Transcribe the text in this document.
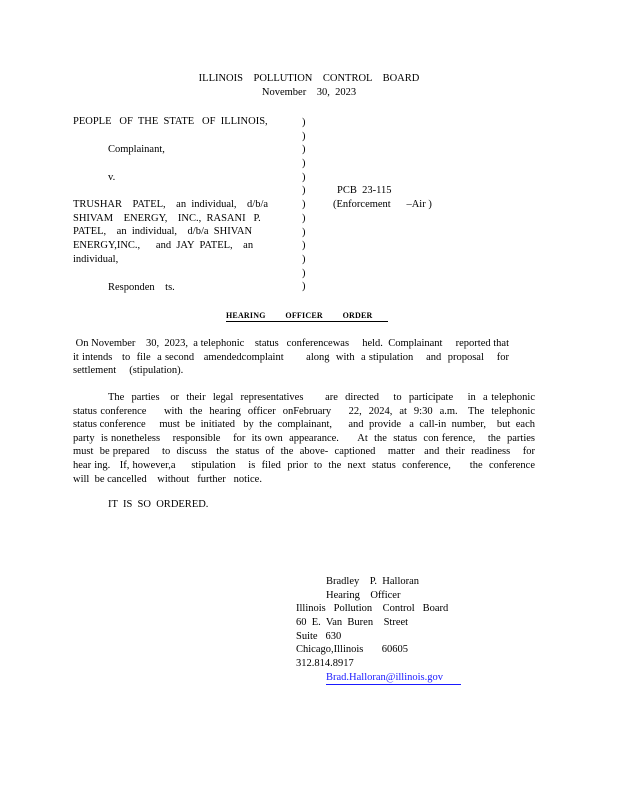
ILLINOIS    POLLUTION    CONTROL    BOARD
November    30,  2023
PEOPLE   OF  THE  STATE   OF  ILLINOIS,
Complainant,
v.
TRUSHAR    PATEL,    an  individual,    d/b/a
SHIVAM    ENERGY,    INC.,  RASANI   P.
PATEL,    an  individual,    d/b/a  SHIVAN
ENERGY,INC.,      and  JAY  PATEL,    an
individual,
Responden    ts.
)
)
)
)
)
)
)
)
)
)
)
)
)
PCB  23-115
(Enforcement      –Air )
HEARING         OFFICER         ORDER

On November    30,  2023,  a telephonic    status   conferencewas     held.  Complainant     reported that  it intends   to  file  a second   amendedcomplaint       along  with  a stipulation    and  proposal    for settlement     (stipulation).

The  parties   or  their  legal  representatives      are  directed    to  participate    in  a telephonic    status conference     with  the  hearing  officer  onFebruary     22,  2024,  at  9:30  a.m.   The  telephonic    status conference     must  be  initiated   by  the  complainant,      and  provide   a  call-in  number,    but  each  party  is nonetheless    responsible    for  its own  appearance.      At  the  status  con ference,    the  parties   must  be prepared    to  discuss   the  status  of  the  above-  captioned    matter   and  their  readiness    for  hear ing.   If, however,a     stipulation    is  filed  prior  to  the  next  status  conference,      the  conference     will  be cancelled    without   further   notice.

IT  IS  SO  ORDERED.
Bradley    P.  Halloran
Hearing    Officer
Illinois   Pollution    Control   Board
60  E.  Van  Buren    Street
Suite   630
Chicago,Illinois       60605
312.814.8917
Brad.Halloran@illinois.gov
